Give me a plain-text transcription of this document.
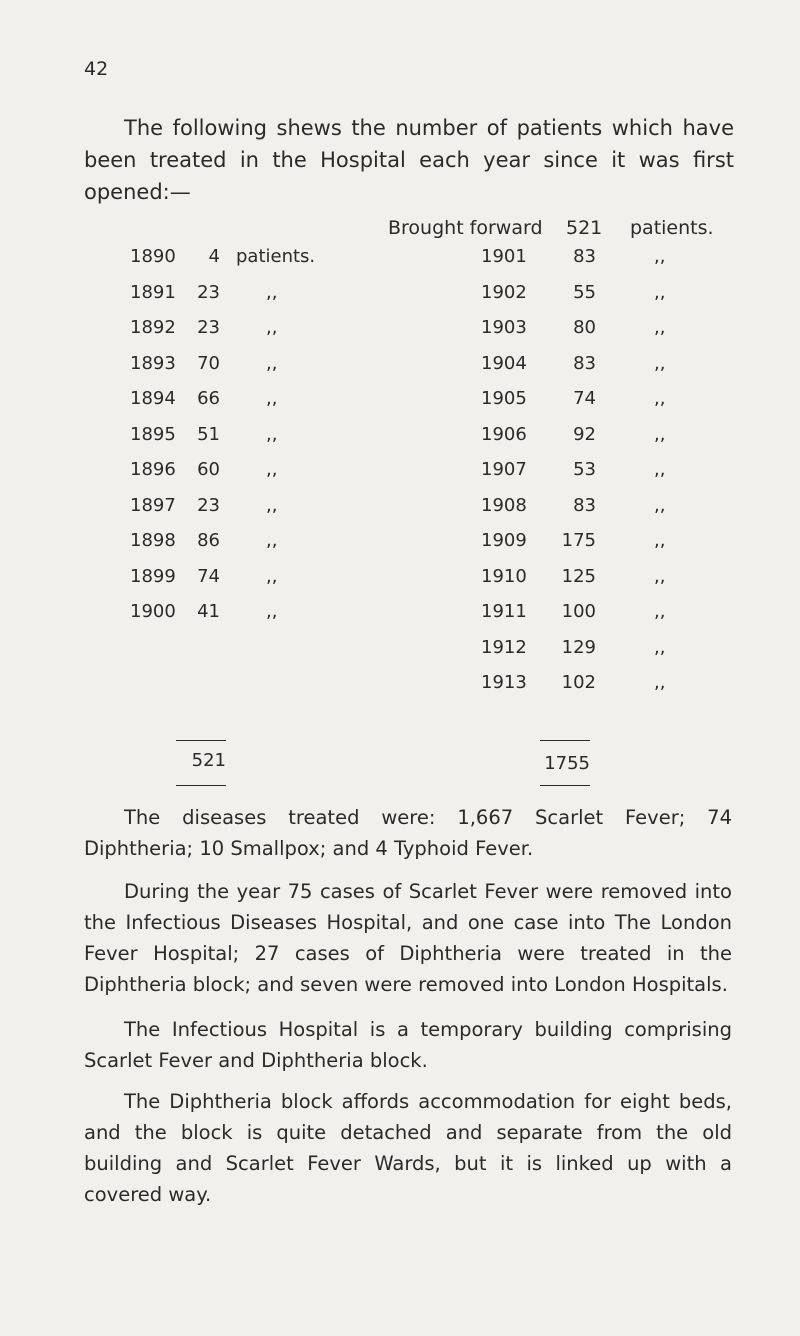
42

The following shews the number of patients which have been treated in the Hospital each year since it was first opened:—

Brought forward 521 patients.
1890	4 patients.
1891	23	,,
1892	23	,,
1893	70	,,
1894	66	,,
1895	51	,,
1896	60	,,
1897	23	,,
1898	86	,,
1899	74	,,
1900	41	,,
1901	83	,,
1902	55	,,
1903	80	,,
1904	83	,,
1905	74	,,
1906	92	,,
1907	53	,,
1908	83	,,
1909	175	,,
1910	125	,,
1911	100	,,
1912	129	,,
1913	102	,,
521	1755

The diseases treated were: 1,667 Scarlet Fever; 74 Diphtheria; 10 Smallpox; and 4 Typhoid Fever.

During the year 75 cases of Scarlet Fever were removed into the Infectious Diseases Hospital, and one case into The London Fever Hospital; 27 cases of Diphtheria were treated in the Diphtheria block; and seven were removed into London Hospitals.

The Infectious Hospital is a temporary building comprising Scarlet Fever and Diphtheria block.

The Diphtheria block affords accommodation for eight beds, and the block is quite detached and separate from the old building and Scarlet Fever Wards, but it is linked up with a covered way.
